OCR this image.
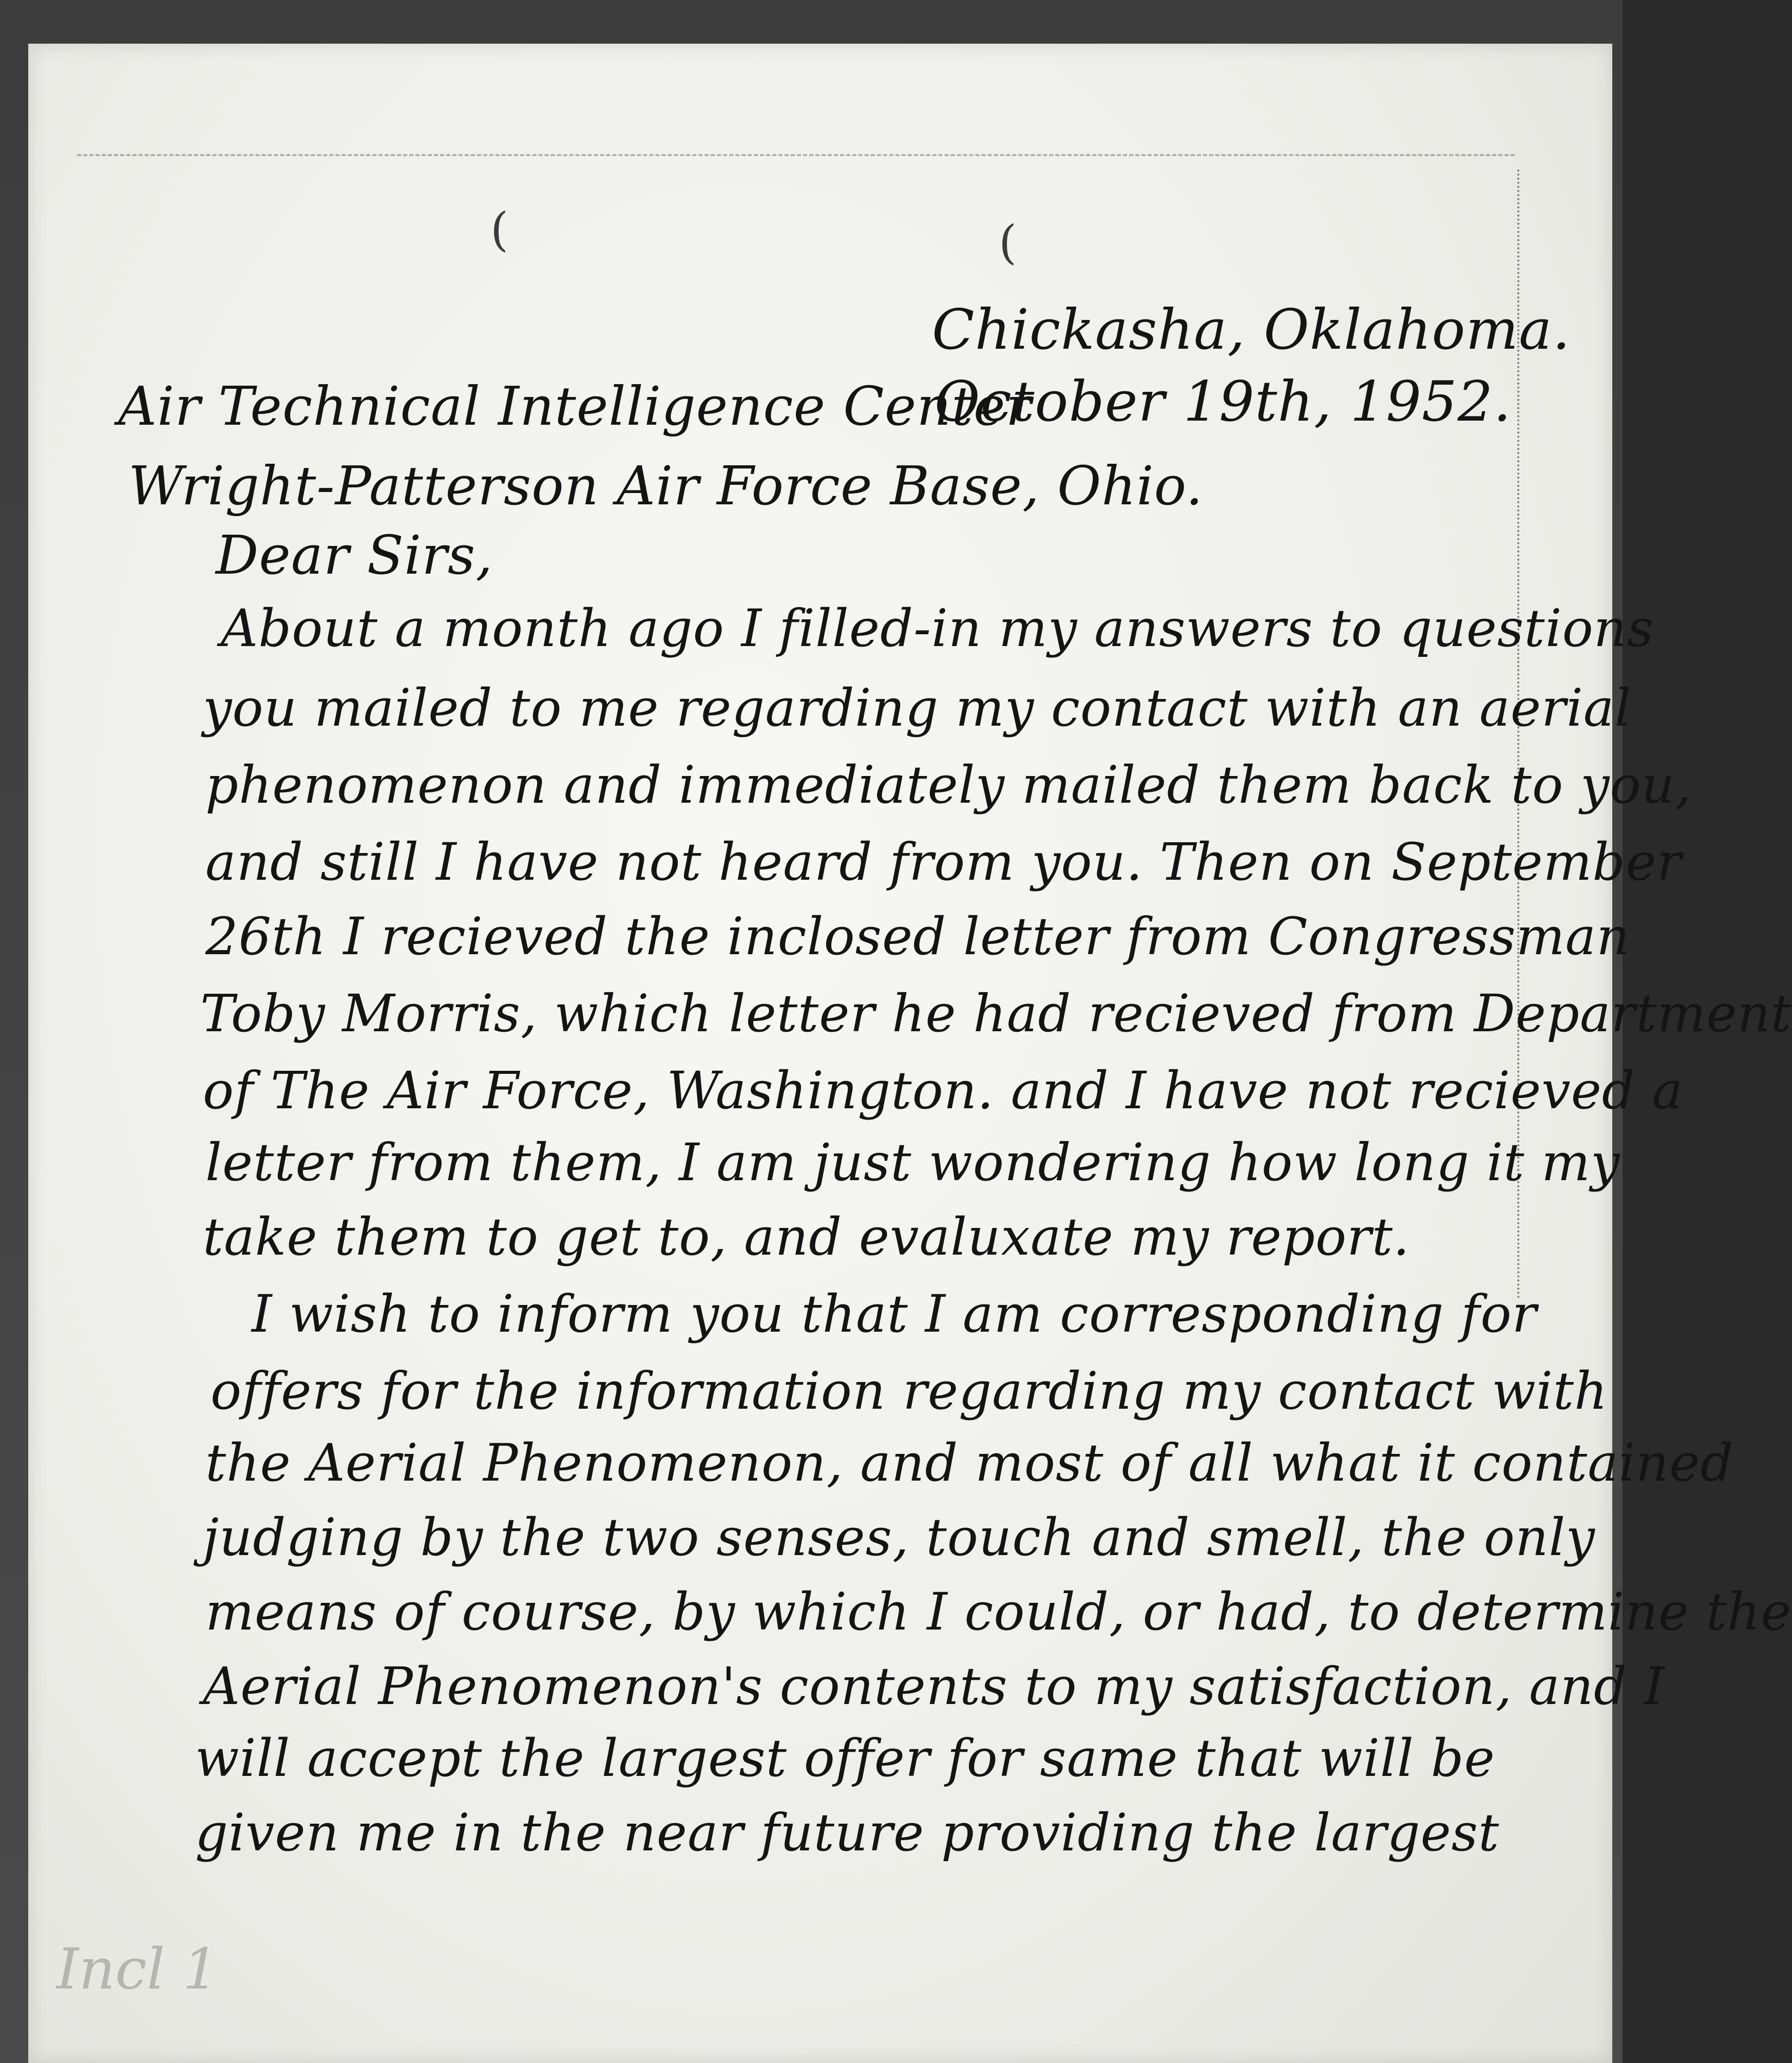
(	(
Chickasha, Oklahoma.
October 19th, 1952.
Air Technical Intelligence Center
Wright-Patterson Air Force Base, Ohio.
Dear Sirs,
About a month ago I filled-in my answers to questions
you mailed to me regarding my contact with an aerial
phenomenon and immediately mailed them back to you,
and still I have not heard from you. Then on September
26th I recieved the inclosed letter from Congressman
Toby Morris, which letter he had recieved from Department
of The Air Force, Washington. and I have not recieved a
letter from them, I am just wondering how long it my
take them to get to, and evaluxate my report.
I wish to inform you that I am corresponding for
offers for the information regarding my contact with
the Aerial Phenomenon, and most of all what it contained
judging by the two senses, touch and smell, the only
means of course, by which I could, or had, to determine the
Aerial Phenomenon's contents to my satisfaction, and I
will accept the largest offer for same that will be
given me in the near future providing the largest
Incl 1
